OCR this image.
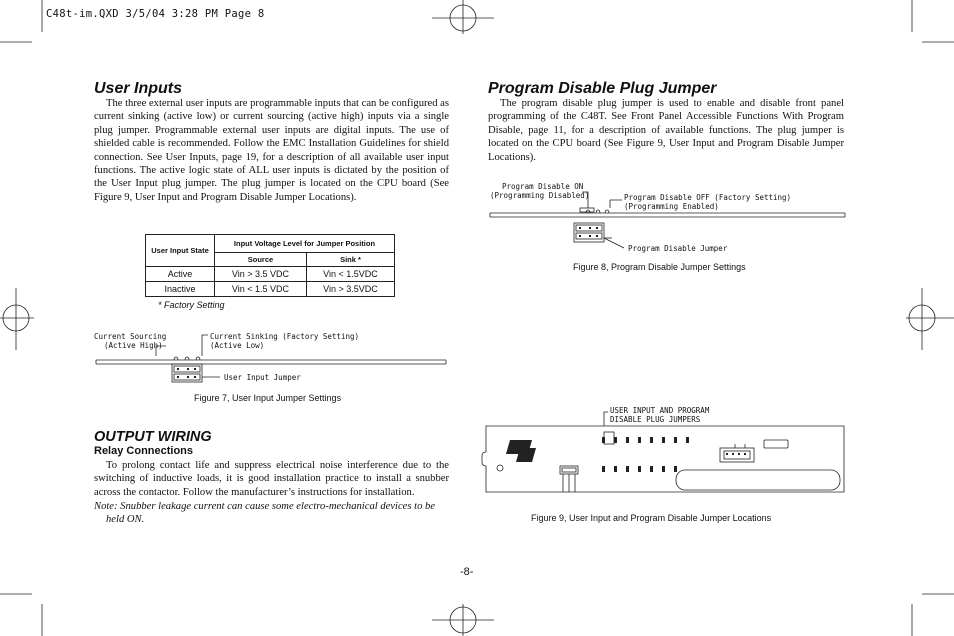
C48t-im.QXD 3/5/04 3:28 PM Page 8
User Inputs
The three external user inputs are programmable inputs that can be configured as current sinking (active low) or current sourcing (active high) inputs via a single plug jumper. Programmable external user inputs are digital inputs. The use of shielded cable is recommended. Follow the EMC Installation Guidelines for shield connection. See User Inputs, page 19, for a description of all available user input functions. The active logic state of ALL user inputs is dictated by the position of the User Input plug jumper. The plug jumper is located on the CPU board (See Figure 9, User Input and Program Disable Jumper Locations).
User Input State	Input Voltage Level for Jumper Position	
	Source	Sink *
Active	Vin > 3.5 VDC	Vin < 1.5VDC
Inactive	Vin < 1.5 VDC	Vin > 3.5VDC
* Factory Setting
Current Sourcing
(Active High)
Current Sinking (Factory Setting)
(Active Low)
User Input Jumper
Figure 7, User Input Jumper Settings
OUTPUT WIRING
Relay Connections
To prolong contact life and suppress electrical noise interference due to the switching of inductive loads, it is good installation practice to install a snubber across the contactor. Follow the manufacturer’s instructions for installation.
Note: Snubber leakage current can cause some electro-mechanical devices to be
held ON.
Program Disable Plug Jumper
The program disable plug jumper is used to enable and disable front panel programming of the C48T. See Front Panel Accessible Functions With Program Disable, page 11, for a description of available functions. The plug jumper is located on the CPU board (See Figure 9, User Input and Program Disable Jumper Locations).
Program Disable ON
(Programming Disabled)	Program Disable OFF (Factory Setting)
(Programming Enabled)
Program Disable Jumper
Figure 8, Program Disable Jumper Settings
USER INPUT AND PROGRAM
DISABLE PLUG JUMPERS
Figure 9, User Input and Program Disable Jumper Locations
-8-
